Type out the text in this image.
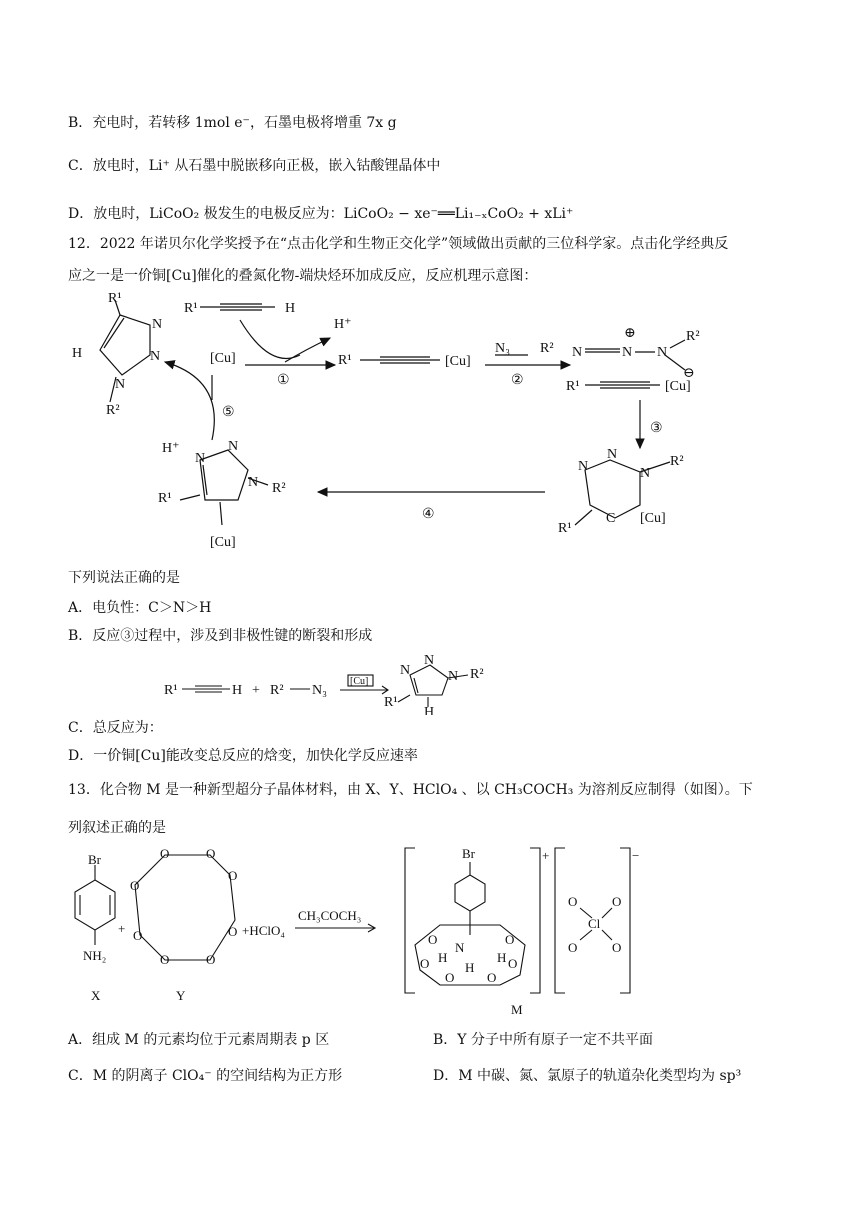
B．充电时，若转移 1mol e⁻，石墨电极将增重 7x g
C．放电时，Li⁺ 从石墨中脱嵌移向正极，嵌入钴酸锂晶体中
D．放电时，LiCoO₂ 极发生的电极反应为：LiCoO₂ − xe⁻══Li₁₋ₓCoO₂ + xLi⁺
12．2022 年诺贝尔化学奖授予在“点击化学和生物正交化学”领域做出贡献的三位科学家。点击化学经典反
应之一是一价铜[Cu]催化的叠氮化物-端炔烃环加成反应，反应机理示意图：
R¹
N
N
N
H
R²
R¹	H
H⁺
[Cu]
①
R¹	[Cu]
N₃ R²
②
N	N N
⊕	R²
R¹	[Cu]
⊖
③
N
N
N
R²
R¹
C [Cu]
④
N
N
N R²
R¹
[Cu]
H⁺
⑤
下列说法正确的是
A．电负性：C＞N＞H
B．反应③过程中，涉及到非极性键的断裂和形成
R¹	H + R² N₃
[Cu]
N
N
N R²
R¹
H
C．总反应为：
D．一价铜[Cu]能改变总反应的焓变，加快化学反应速率
13．化合物 M 是一种新型超分子晶体材料，由 X、Y、HClO₄ 、以 CH₃COCH₃ 为溶剂反应制得（如图）。下
列叙述正确的是
Br
NH₂
X
+
Y
O	O
O
O
O
O
O
O
+HClO₄
CH₃COCH₃
Br	+	−
O	O
N
O H	H O
H
O	O
M
O	O
Cl
O	O
A．组成 M 的元素均位于元素周期表 p 区	B．Y 分子中所有原子一定不共平面
C．M 的阴离子 ClO₄⁻ 的空间结构为正方形	D．M 中碳、氮、氯原子的轨道杂化类型均为 sp³
